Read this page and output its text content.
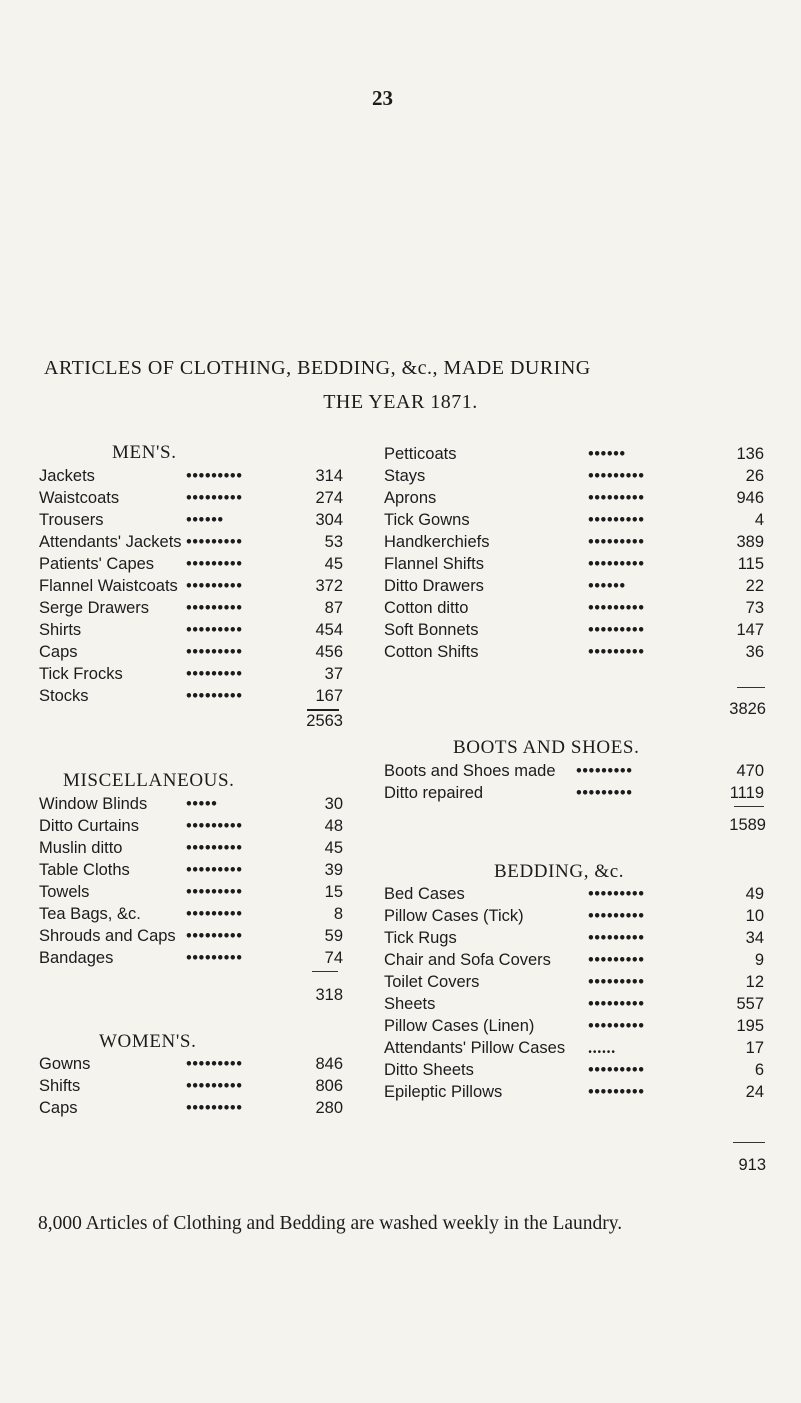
23
ARTICLES OF CLOTHING, BEDDING, &c., MADE DURING
THE YEAR 1871.
MEN'S.
Jackets	•••••••••	314
Waistcoats	•••••••••	274
Trousers	••••••	304
Attendants' Jackets •••••••••	53
Patients' Capes •••••••••	45
Flannel Waistcoats •••••••••	372
Serge Drawers •••••••••	87
Shirts	•••••••••	454
Caps	•••••••••	456
Tick Frocks	•••••••••	37
Stocks	•••••••••	167
2563
MISCELLANEOUS.
Window Blinds •••••	30
Ditto Curtains	•••••••••	48
Muslin ditto	•••••••••	45
Table Cloths	•••••••••	39
Towels	•••••••••	15
Tea Bags, &c.	•••••••••	8
Shrouds and Caps •••••••••	59
Bandages	•••••••••	74
318
WOMEN'S.
Gowns	•••••••••	846
Shifts	•••••••••	806
Caps	•••••••••	280
Petticoats	••••••	136
Stays	•••••••••	26
Aprons	•••••••••	946
Tick Gowns	•••••••••	4
Handkerchiefs	•••••••••	389
Flannel Shifts	•••••••••	115
Ditto Drawers	••••••	22
Cotton ditto	•••••••••	73
Soft Bonnets	•••••••••	147
Cotton Shifts	•••••••••	36
3826
BOOTS AND SHOES.
Boots and Shoes made •••••••••	470
Ditto repaired	•••••••••	1119
1589
BEDDING, &c.
Bed Cases	•••••••••	49
Pillow Cases (Tick)	•••••••••	10
Tick Rugs	•••••••••	34
Chair and Sofa Covers •••••••••	9
Toilet Covers	•••••••••	12
Sheets	•••••••••	557
Pillow Cases (Linen)	•••••••••	195
Attendants' Pillow Cases ......	17
Ditto Sheets	•••••••••	6
Epileptic Pillows	•••••••••	24
913
8,000 Articles of Clothing and Bedding are washed weekly in the Laundry.
